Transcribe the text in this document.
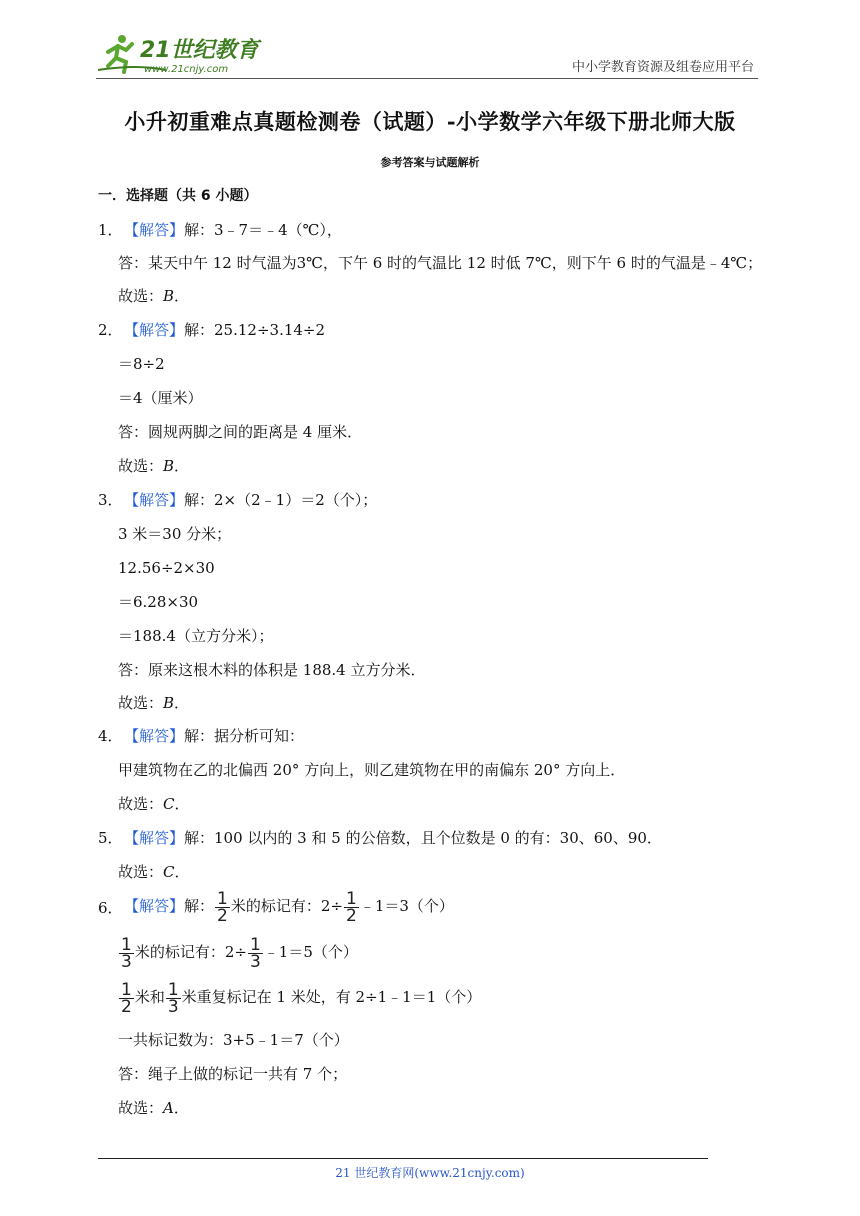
21世纪教育
www.21cnjy.com	中小学教育资源及组卷应用平台
小升初重难点真题检测卷（试题）-小学数学六年级下册北师大版
参考答案与试题解析
一．选择题（共 6 小题）
1． 【解答】解：3﹣7＝﹣4（℃），
答：某天中午 12 时气温为3℃，下午 6 时的气温比 12 时低 7℃，则下午 6 时的气温是﹣4℃；
故选：B．
2． 【解答】解：25.12÷3.14÷2
＝8÷2
＝4（厘米）
答：圆规两脚之间的距离是 4 厘米．
故选：B．
3． 【解答】解：2×（2﹣1）＝2（个）；
3 米＝30 分米；
12.56÷2×30
＝6.28×30
＝188.4（立方分米）；
答：原来这根木料的体积是 188.4 立方分米．
故选：B．
4． 【解答】解：据分析可知：
甲建筑物在乙的北偏西 20° 方向上，则乙建筑物在甲的南偏东 20° 方向上．
故选：C．
5． 【解答】解：100 以内的 3 和 5 的公倍数，且个位数是 0 的有：30、60、90．
故选：C．
6． 【解答】解： $\frac{1}{2}$ 米的标记有：$2\div \frac{1}{2}$ ﹣1＝3（个）
$\frac{1}{3}$ 米的标记有：$2\div \frac{1}{3}$ ﹣1＝5（个）
$\frac{1}{2}$ 米和 $\frac{1}{3}$ 米重复标记在 1 米处，有 2÷1﹣1＝1（个）
一共标记数为：3+5﹣1＝7（个）
答：绳子上做的标记一共有 7 个；
故选：A．
21 世纪教育网(www.21cnjy.com)
